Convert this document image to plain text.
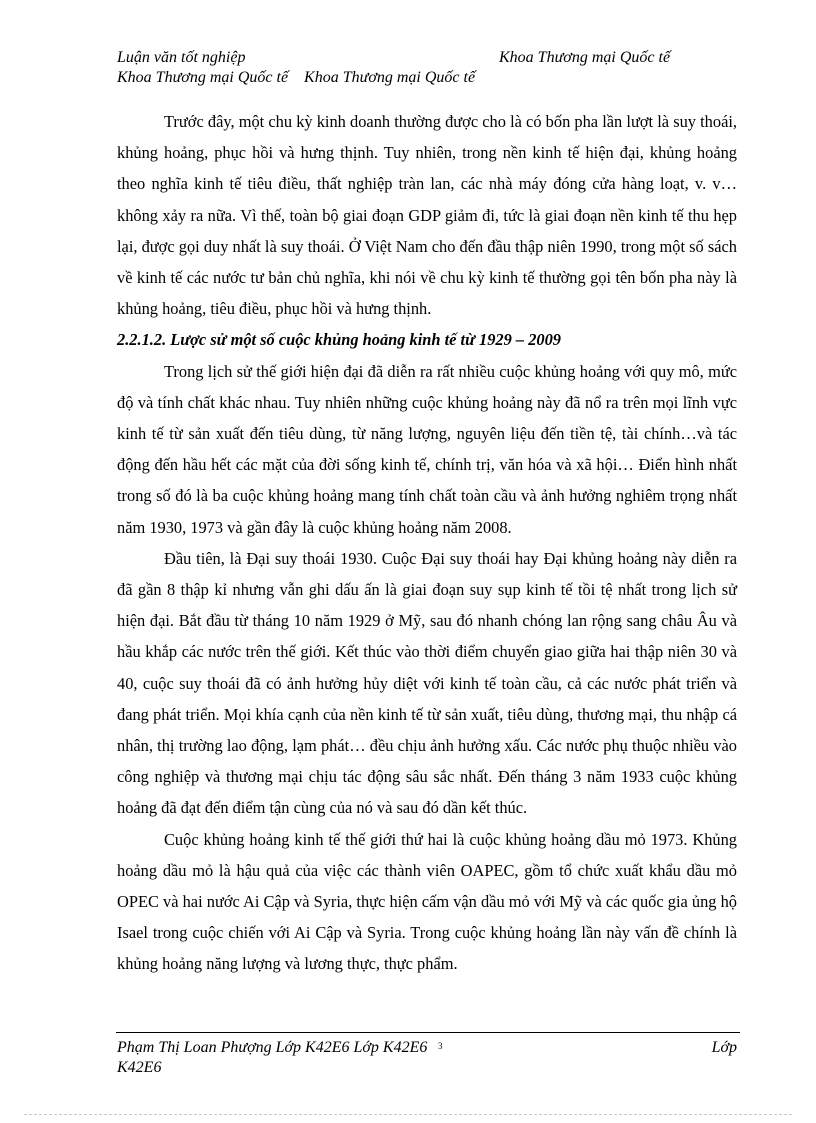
Luận văn tốt nghiệp	Khoa Thương mại Quốc tế
Khoa Thương mại Quốc tế    Khoa Thương mại Quốc tế

Trước đây, một chu kỳ kinh doanh thường được cho là có bốn pha lần lượt là suy thoái, khủng hoảng, phục hồi và hưng thịnh. Tuy nhiên, trong nền kinh tế hiện đại, khủng hoảng theo nghĩa kinh tế tiêu điều, thất nghiệp tràn lan, các nhà máy đóng cửa hàng loạt, v. v… không xảy ra nữa. Vì thế, toàn bộ giai đoạn GDP giảm đi, tức là giai đoạn nền kinh tế thu hẹp lại, được gọi duy nhất là suy thoái. Ở Việt Nam cho đến đầu thập niên 1990, trong một số sách về kinh tế các nước tư bản chủ nghĩa, khi nói về chu kỳ kinh tế thường gọi tên bốn pha này là khủng hoảng, tiêu điều, phục hồi và hưng thịnh.

2.2.1.2. Lược sử một số cuộc khủng hoảng kinh tế từ 1929 – 2009

Trong lịch sử thế giới hiện đại đã diễn ra rất nhiều cuộc khủng hoảng với quy mô, mức độ và tính chất khác nhau. Tuy nhiên những cuộc khủng hoảng này đã nổ ra trên mọi lĩnh vực kinh tế từ sản xuất đến tiêu dùng, từ năng lượng, nguyên liệu đến tiền tệ, tài chính…và tác động đến hầu hết các mặt của đời sống kinh tế, chính trị, văn hóa và xã hội… Điển hình nhất trong số đó là ba cuộc khủng hoảng mang tính chất toàn cầu và ảnh hưởng nghiêm trọng nhất năm 1930, 1973 và gần đây là cuộc khủng hoảng năm 2008.

Đầu tiên, là Đại suy thoái 1930. Cuộc Đại suy thoái hay Đại khủng hoảng này diễn ra đã gần 8 thập kỉ nhưng vẫn ghi dấu ấn là giai đoạn suy sụp kinh tế tồi tệ nhất trong lịch sử hiện đại. Bắt đầu từ tháng 10 năm 1929 ở Mỹ, sau đó nhanh chóng lan rộng sang châu Âu và hầu khắp các nước trên thế giới. Kết thúc vào thời điểm chuyển giao giữa hai thập niên 30 và 40, cuộc suy thoái đã có ảnh hưởng hủy diệt với kinh tế toàn cầu, cả các nước phát triển và đang phát triển. Mọi khía cạnh của nền kinh tế từ sản xuất, tiêu dùng, thương mại, thu nhập cá nhân, thị trường lao động, lạm phát… đều chịu ảnh hưởng xấu. Các nước phụ thuộc nhiều vào công nghiệp và thương mại chịu tác động sâu sắc nhất. Đến tháng 3 năm 1933 cuộc khủng hoảng đã đạt đến điểm tận cùng của nó và sau đó dần kết thúc.

Cuộc khủng hoảng kinh tế thế giới thứ hai là cuộc khủng hoảng dầu mỏ 1973. Khủng hoảng dầu mỏ là hậu quả của việc các thành viên OAPEC, gồm tổ chức xuất khẩu dầu mỏ OPEC và hai nước Ai Cập và Syria, thực hiện cấm vận dầu mỏ với Mỹ và các quốc gia ủng hộ Isael trong cuộc chiến với Ai Cập và Syria. Trong cuộc khủng hoảng lần này vấn đề chính là khủng hoảng năng lượng và lương thực, thực phẩm.

Phạm Thị Loan Phượng Lớp K42E6 Lớp K42E6 3	Lớp
K42E6
